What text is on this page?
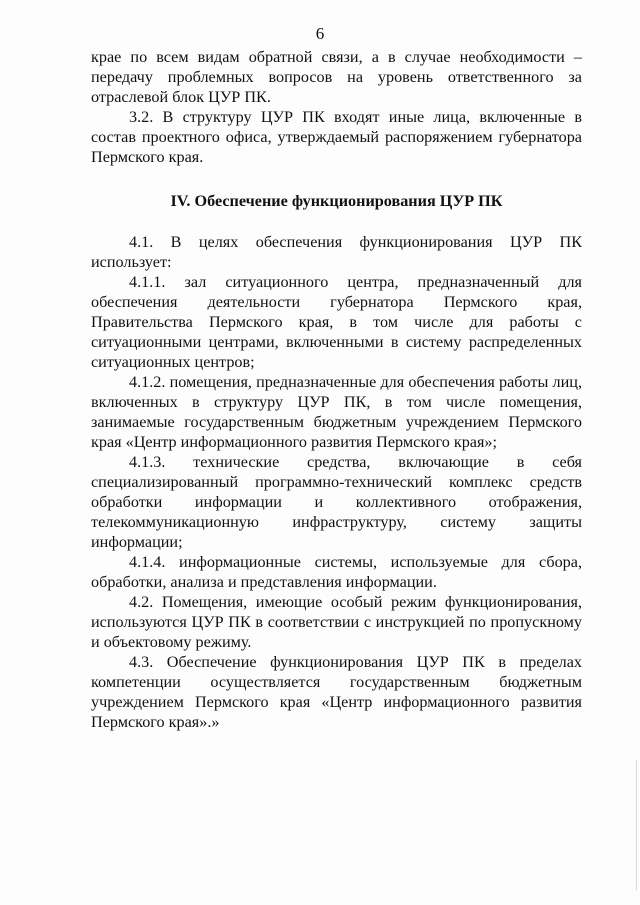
6

крае по всем видам обратной связи, а в случае необходимости – передачу проблемных вопросов на уровень ответственного за отраслевой блок ЦУР ПК.

3.2. В структуру ЦУР ПК входят иные лица, включенные в состав проектного офиса, утверждаемый распоряжением губернатора Пермского края.

IV. Обеспечение функционирования ЦУР ПК

4.1. В целях обеспечения функционирования ЦУР ПК использует:

4.1.1. зал ситуационного центра, предназначенный для обеспечения деятельности губернатора Пермского края, Правительства Пермского края, в том числе для работы с ситуационными центрами, включенными в систему распределенных ситуационных центров;

4.1.2. помещения, предназначенные для обеспечения работы лиц, включенных в структуру ЦУР ПК, в том числе помещения, занимаемые государственным бюджетным учреждением Пермского края «Центр информационного развития Пермского края»;

4.1.3. технические средства, включающие в себя специализированный программно-технический комплекс средств обработки информации и коллективного отображения, телекоммуникационную инфраструктуру, систему защиты информации;

4.1.4. информационные системы, используемые для сбора, обработки, анализа и представления информации.

4.2. Помещения, имеющие особый режим функционирования, используются ЦУР ПК в соответствии с инструкцией по пропускному и объектовому режиму.

4.3. Обеспечение функционирования ЦУР ПК в пределах компетенции осуществляется государственным бюджетным учреждением Пермского края «Центр информационного развития Пермского края».»
